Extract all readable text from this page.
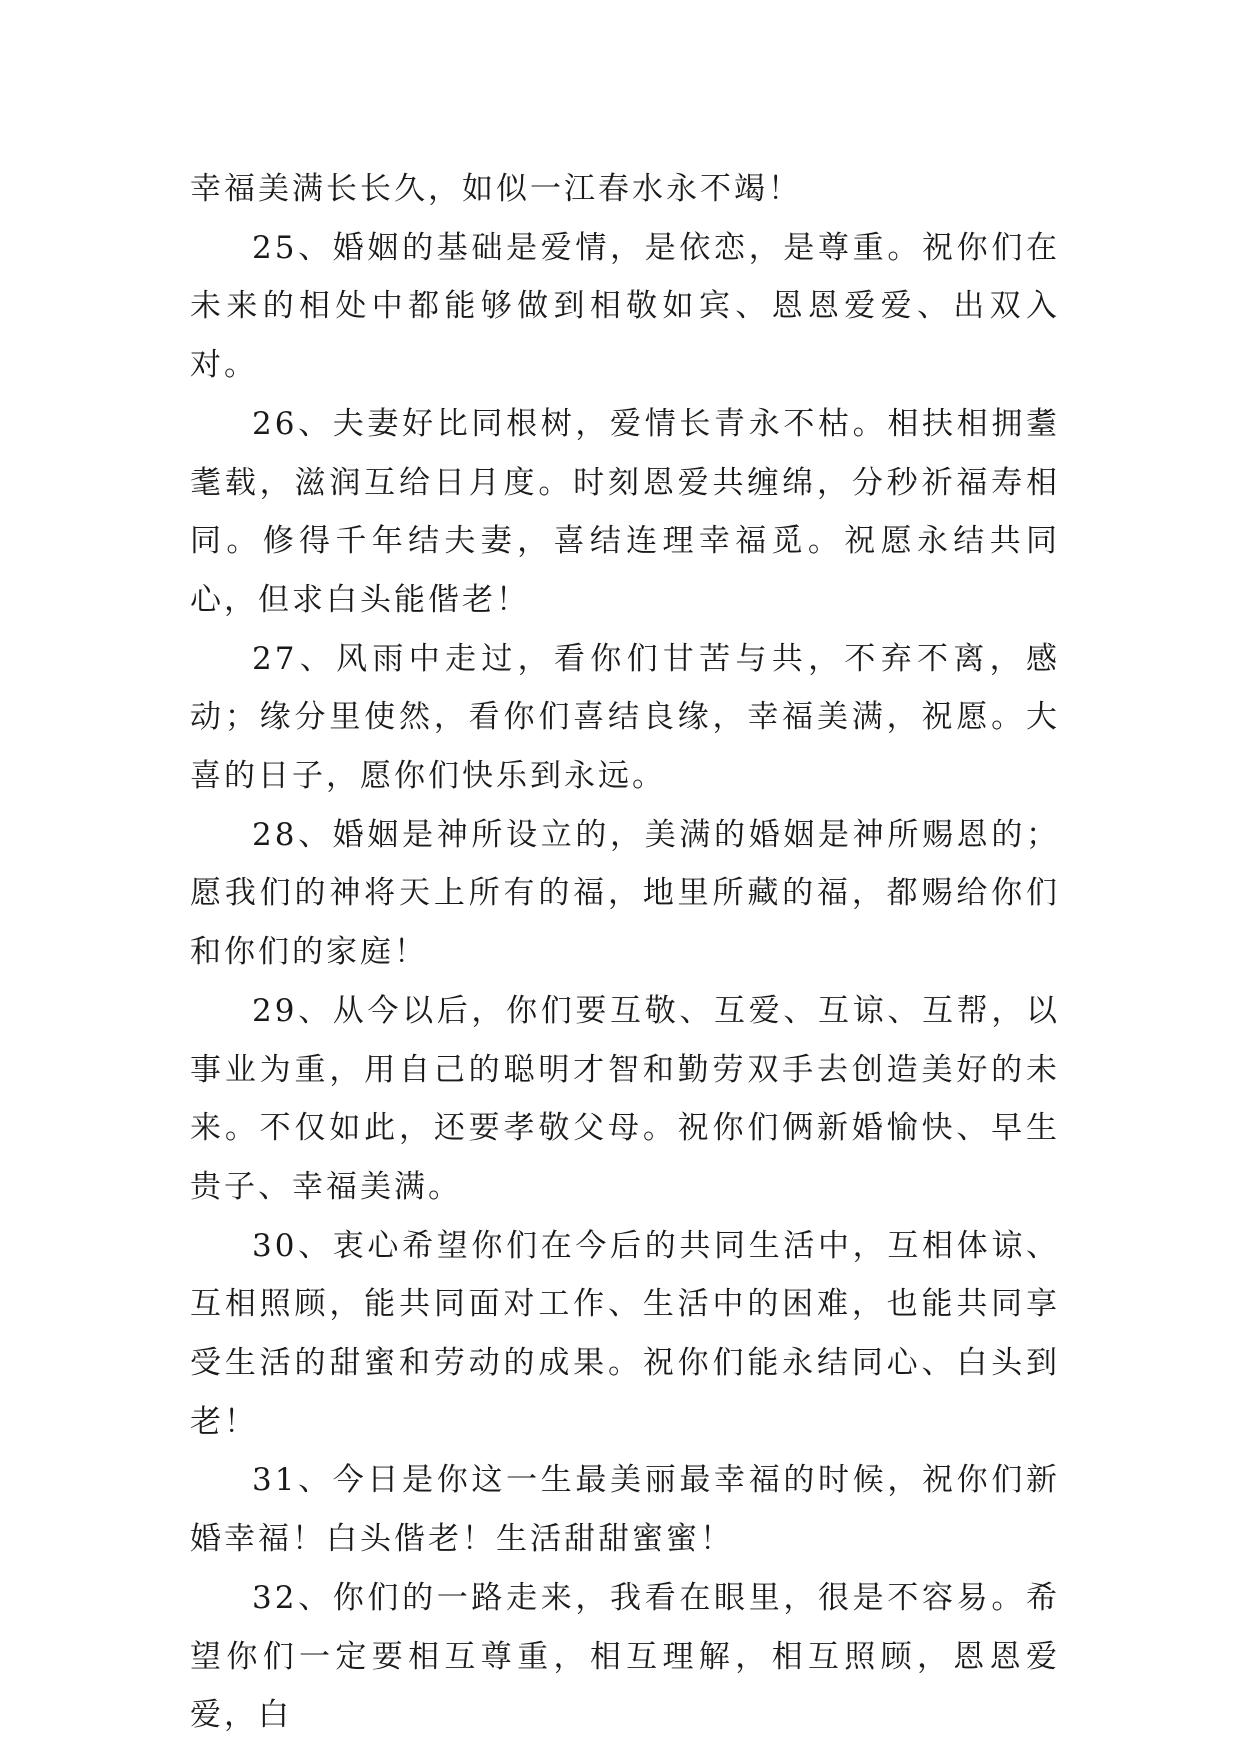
幸福美满长长久，如似一江春水永不竭！

25、婚姻的基础是爱情，是依恋，是尊重。祝你们在未来的相处中都能够做到相敬如宾、恩恩爱爱、出双入对。

26、夫妻好比同根树，爱情长青永不枯。相扶相拥耋耄载，滋润互给日月度。时刻恩爱共缠绵，分秒祈福寿相同。修得千年结夫妻，喜结连理幸福觅。祝愿永结共同心，但求白头能偕老！

27、风雨中走过，看你们甘苦与共，不弃不离，感动；缘分里使然，看你们喜结良缘，幸福美满，祝愿。大喜的日子，愿你们快乐到永远。

28、婚姻是神所设立的，美满的婚姻是神所赐恩的；愿我们的神将天上所有的福，地里所藏的福，都赐给你们和你们的家庭！

29、从今以后，你们要互敬、互爱、互谅、互帮，以事业为重，用自己的聪明才智和勤劳双手去创造美好的未来。不仅如此，还要孝敬父母。祝你们俩新婚愉快、早生贵子、幸福美满。

30、衷心希望你们在今后的共同生活中，互相体谅、互相照顾，能共同面对工作、生活中的困难，也能共同享受生活的甜蜜和劳动的成果。祝你们能永结同心、白头到老！

31、今日是你这一生最美丽最幸福的时候，祝你们新婚幸福！白头偕老！生活甜甜蜜蜜！

32、你们的一路走来，我看在眼里，很是不容易。希望你们一定要相互尊重，相互理解，相互照顾，恩恩爱爱，白
